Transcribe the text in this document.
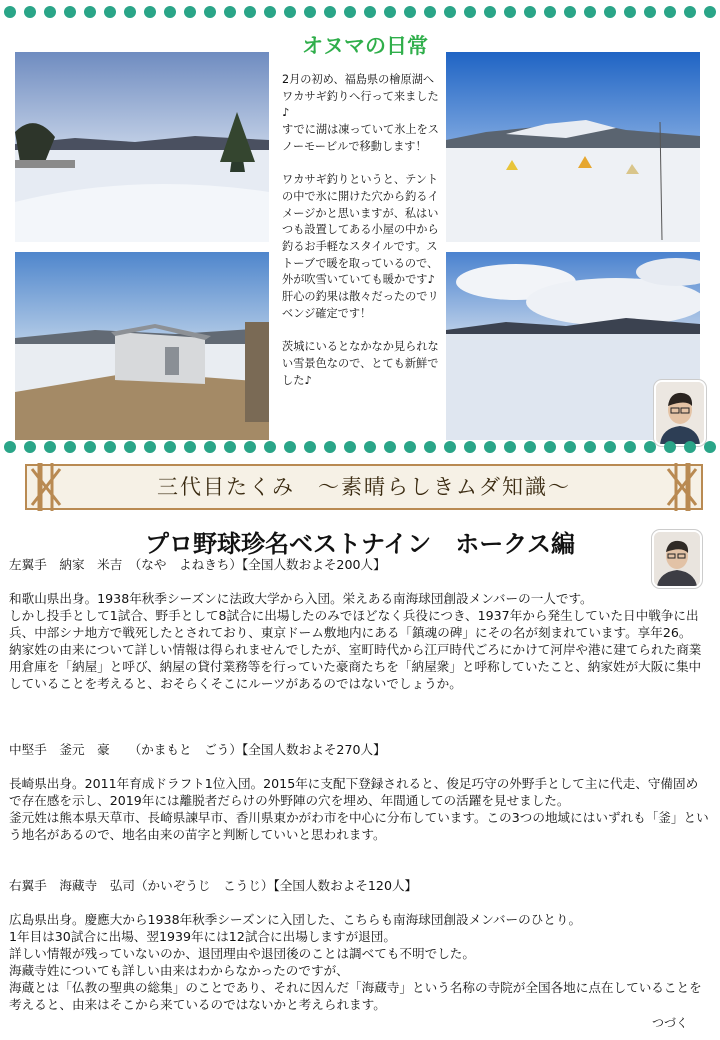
オヌマの日常
2月の初め、福島県の檜原湖へワカサギ釣りへ行って来ました♪
すでに湖は凍っていて氷上をスノーモービルで移動します！

ワカサギ釣りというと、テントの中で氷に開けた穴から釣るイメージかと思いますが、私はいつも設置してある小屋の中から釣るお手軽なスタイルです。ストーブで暖を取っているので、外が吹雪いていても暖かです♪肝心の釣果は散々だったのでリベンジ確定です！

茨城にいるとなかなか見られない雪景色なので、とても新鮮でした♪
三代目たくみ　～素晴らしきムダ知識～
プロ野球珍名ベストナイン　ホークス編
左翼手　納家　米吉　（なや　よねきち）【全国人数およそ200人】
和歌山県出身。1938年秋季シーズンに法政大学から入団。栄えある南海球団創設メンバーの一人です。
しかし投手として1試合、野手として8試合に出場したのみでほどなく兵役につき、1937年から発生していた日中戦争に出兵、中部シナ地方で戦死したとされており、東京ドーム敷地内にある「鎮魂の碑」にその名が刻まれています。享年26。
納家姓の由来について詳しい情報は得られませんでしたが、室町時代から江戸時代ごろにかけて河岸や港に建てられた商業用倉庫を「納屋」と呼び、納屋の貸付業務等を行っていた豪商たちを「納屋衆」と呼称していたこと、納家姓が大阪に集中していることを考えると、おそらくそこにルーツがあるのではないでしょうか。
中堅手　釜元　豪　　（かまもと　ごう）【全国人数およそ270人】
長崎県出身。2011年育成ドラフト1位入団。2015年に支配下登録されると、俊足巧守の外野手として主に代走、守備固めで存在感を示し、2019年には離脱者だらけの外野陣の穴を埋め、年間通しての活躍を見せました。
釜元姓は熊本県天草市、長崎県諫早市、香川県東かがわ市を中心に分布しています。この3つの地域にはいずれも「釜」という地名があるので、地名由来の苗字と判断していいと思われます。
右翼手　海藏寺　弘司（かいぞうじ　こうじ）【全国人数およそ120人】
広島県出身。慶應大から1938年秋季シーズンに入団した、こちらも南海球団創設メンバーのひとり。
1年目は30試合に出場、翌1939年には12試合に出場しますが退団。
詳しい情報が残っていないのか、退団理由や退団後のことは調べても不明でした。
海藏寺姓についても詳しい由来はわからなかったのですが、
海蔵とは「仏教の聖典の総集」のことであり、それに因んだ「海蔵寺」という名称の寺院が全国各地に点在していることを考えると、由来はそこから来ているのではないかと考えられます。
つづく
